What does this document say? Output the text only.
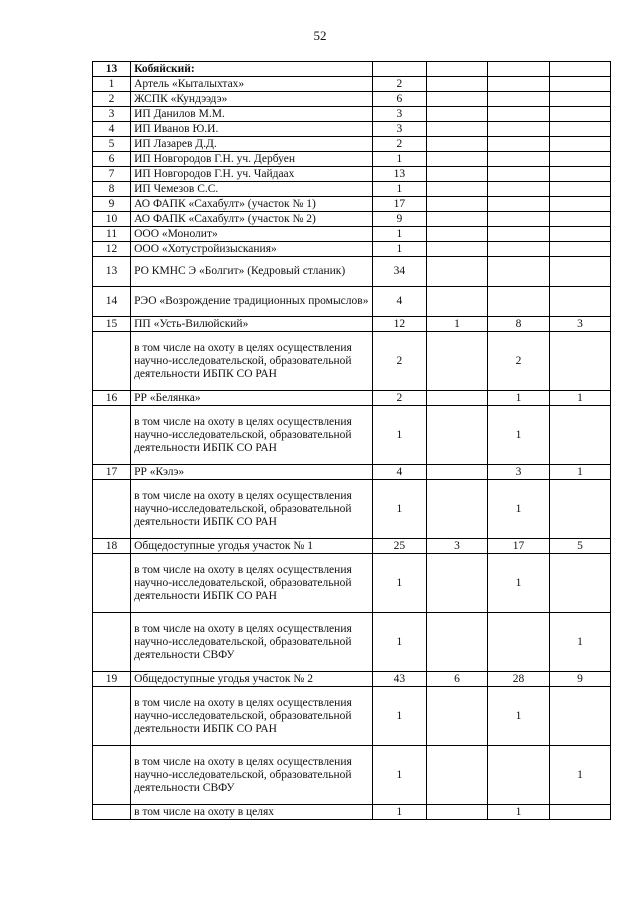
52
13	Кобяйский:				
1	Артель «Кыталыхтах»	2			
2	ЖСПК «Кундээдэ»	6			
3	ИП Данилов М.М.	3			
4	ИП Иванов Ю.И.	3			
5	ИП Лазарев Д.Д.	2			
6	ИП Новгородов Г.Н. уч. Дербуен	1			
7	ИП Новгородов Г.Н. уч. Чайдаах	13			
8	ИП Чемезов С.С.	1			
9	АО ФАПК «Сахабулт» (участок № 1)	17			
10	АО ФАПК «Сахабулт» (участок № 2)	9			
11	ООО «Монолит»	1			
12	ООО «Хотустройизыскания»	1			
13	РО КМНС Э «Болгит» (Кедровый стланик)	34			
14	РЭО «Возрождение традиционных промыслов»	4			
15	ПП «Усть-Вилюйский»	12	1	8	3
	в том числе на охоту в целях осуществления научно-исследовательской, образовательной деятельности ИБПК СО РАН	2		2	
16	РР «Белянка»	2		1	1
	в том числе на охоту в целях осуществления научно-исследовательской, образовательной деятельности ИБПК СО РАН	1		1	
17	РР «Кэлэ»	4		3	1
	в том числе на охоту в целях осуществления научно-исследовательской, образовательной деятельности ИБПК СО РАН	1		1	
18	Общедоступные угодья участок № 1	25	3	17	5
	в том числе на охоту в целях осуществления научно-исследовательской, образовательной деятельности ИБПК СО РАН	1		1	
	в том числе на охоту в целях осуществления научно-исследовательской, образовательной деятельности СВФУ	1			1
19	Общедоступные угодья участок № 2	43	6	28	9
	в том числе на охоту в целях осуществления научно-исследовательской, образовательной деятельности ИБПК СО РАН	1		1	
	в том числе на охоту в целях осуществления научно-исследовательской, образовательной деятельности СВФУ	1			1
	в том числе на охоту в целях	1		1	
